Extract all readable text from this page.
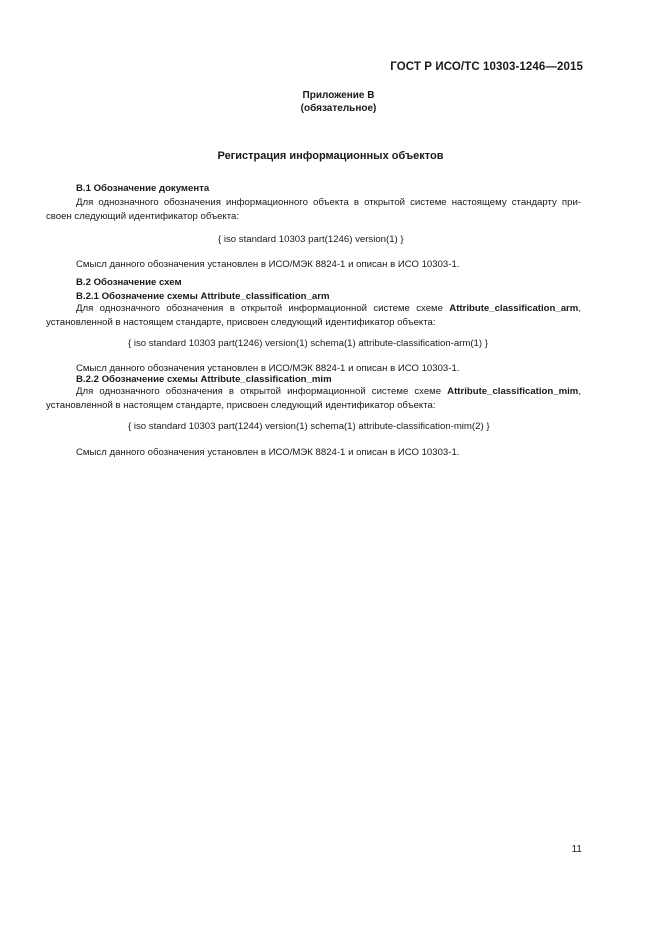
ГОСТ Р ИСО/ТС 10303-1246—2015
Приложение В
(обязательное)
Регистрация информационных объектов
В.1 Обозначение документа
Для однозначного обозначения информационного объекта в открытой системе настоящему стандарту при-
своен следующий идентификатор объекта:
{ iso standard 10303 part(1246) version(1) }
Смысл данного обозначения установлен в ИСО/МЭК 8824-1 и описан в ИСО 10303-1.
В.2 Обозначение схем
В.2.1 Обозначение схемы Attribute_classification_arm
Для однозначного обозначения в открытой информационной системе схеме Attribute_classification_arm,
установленной в настоящем стандарте, присвоен следующий идентификатор объекта:
{ iso standard 10303 part(1246) version(1) schema(1) attribute-classification-arm(1) }
Смысл данного обозначения установлен в ИСО/МЭК 8824-1 и описан в ИСО 10303-1.
В.2.2 Обозначение схемы Attribute_classification_mim
Для однозначного обозначения в открытой информационной системе схеме Attribute_classification_mim,
установленной в настоящем стандарте, присвоен следующий идентификатор объекта:
{ iso standard 10303 part(1244) version(1) schema(1) attribute-classification-mim(2) }
Смысл данного обозначения установлен в ИСО/МЭК 8824-1 и описан в ИСО 10303-1.
11
